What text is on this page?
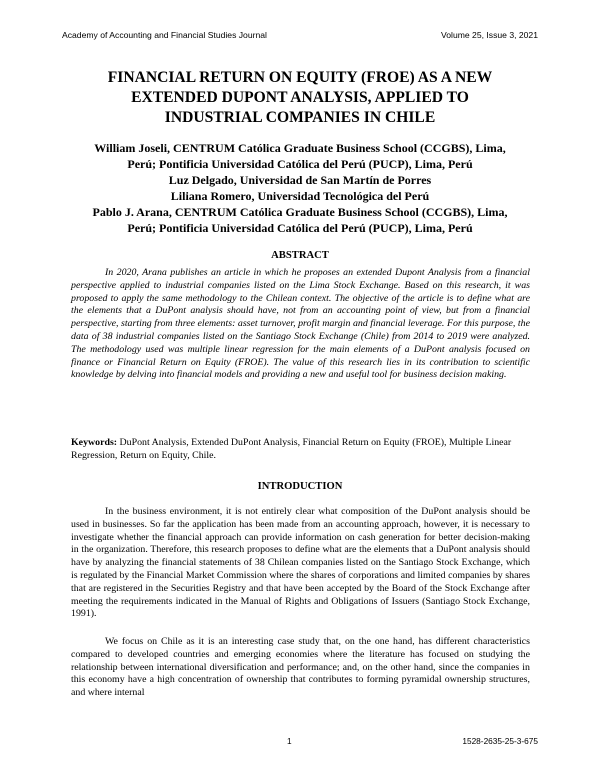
Academy of Accounting and Financial Studies Journal	Volume 25, Issue 3, 2021
FINANCIAL RETURN ON EQUITY (FROE) AS A NEW
EXTENDED DUPONT ANALYSIS, APPLIED TO
INDUSTRIAL COMPANIES IN CHILE
William Joseli, CENTRUM Católica Graduate Business School (CCGBS), Lima,
Perú; Pontificia Universidad Católica del Perú (PUCP), Lima, Perú
Luz Delgado, Universidad de San Martín de Porres
Liliana Romero, Universidad Tecnológica del Perú
Pablo J. Arana, CENTRUM Católica Graduate Business School (CCGBS), Lima,
Perú; Pontificia Universidad Católica del Perú (PUCP), Lima, Perú
ABSTRACT

In 2020, Arana publishes an article in which he proposes an extended Dupont Analysis from a financial perspective applied to industrial companies listed on the Lima Stock Exchange. Based on this research, it was proposed to apply the same methodology to the Chilean context. The objective of the article is to define what are the elements that a DuPont analysis should have, not from an accounting point of view, but from a financial perspective, starting from three elements: asset turnover, profit margin and financial leverage. For this purpose, the data of 38 industrial companies listed on the Santiago Stock Exchange (Chile) from 2014 to 2019 were analyzed. The methodology used was multiple linear regression for the main elements of a DuPont analysis focused on finance or Financial Return on Equity (FROE). The value of this research lies in its contribution to scientific knowledge by delving into financial models and providing a new and useful tool for business decision making.

Keywords: DuPont Analysis, Extended DuPont Analysis, Financial Return on Equity (FROE), Multiple Linear Regression, Return on Equity, Chile.

INTRODUCTION

In the business environment, it is not entirely clear what composition of the DuPont analysis should be used in businesses. So far the application has been made from an accounting approach, however, it is necessary to investigate whether the financial approach can provide information on cash generation for better decision-making in the organization. Therefore, this research proposes to define what are the elements that a DuPont analysis should have by analyzing the financial statements of 38 Chilean companies listed on the Santiago Stock Exchange, which is regulated by the Financial Market Commission where the shares of corporations and limited companies by shares that are registered in the Securities Registry and that have been accepted by the Board of the Stock Exchange after meeting the requirements indicated in the Manual of Rights and Obligations of Issuers (Santiago Stock Exchange, 1991).

We focus on Chile as it is an interesting case study that, on the one hand, has different characteristics compared to developed countries and emerging economies where the literature has focused on studying the relationship between international diversification and performance; and, on the other hand, since the companies in this economy have a high concentration of ownership that contributes to forming pyramidal ownership structures, and where internal

1	1528-2635-25-3-675
